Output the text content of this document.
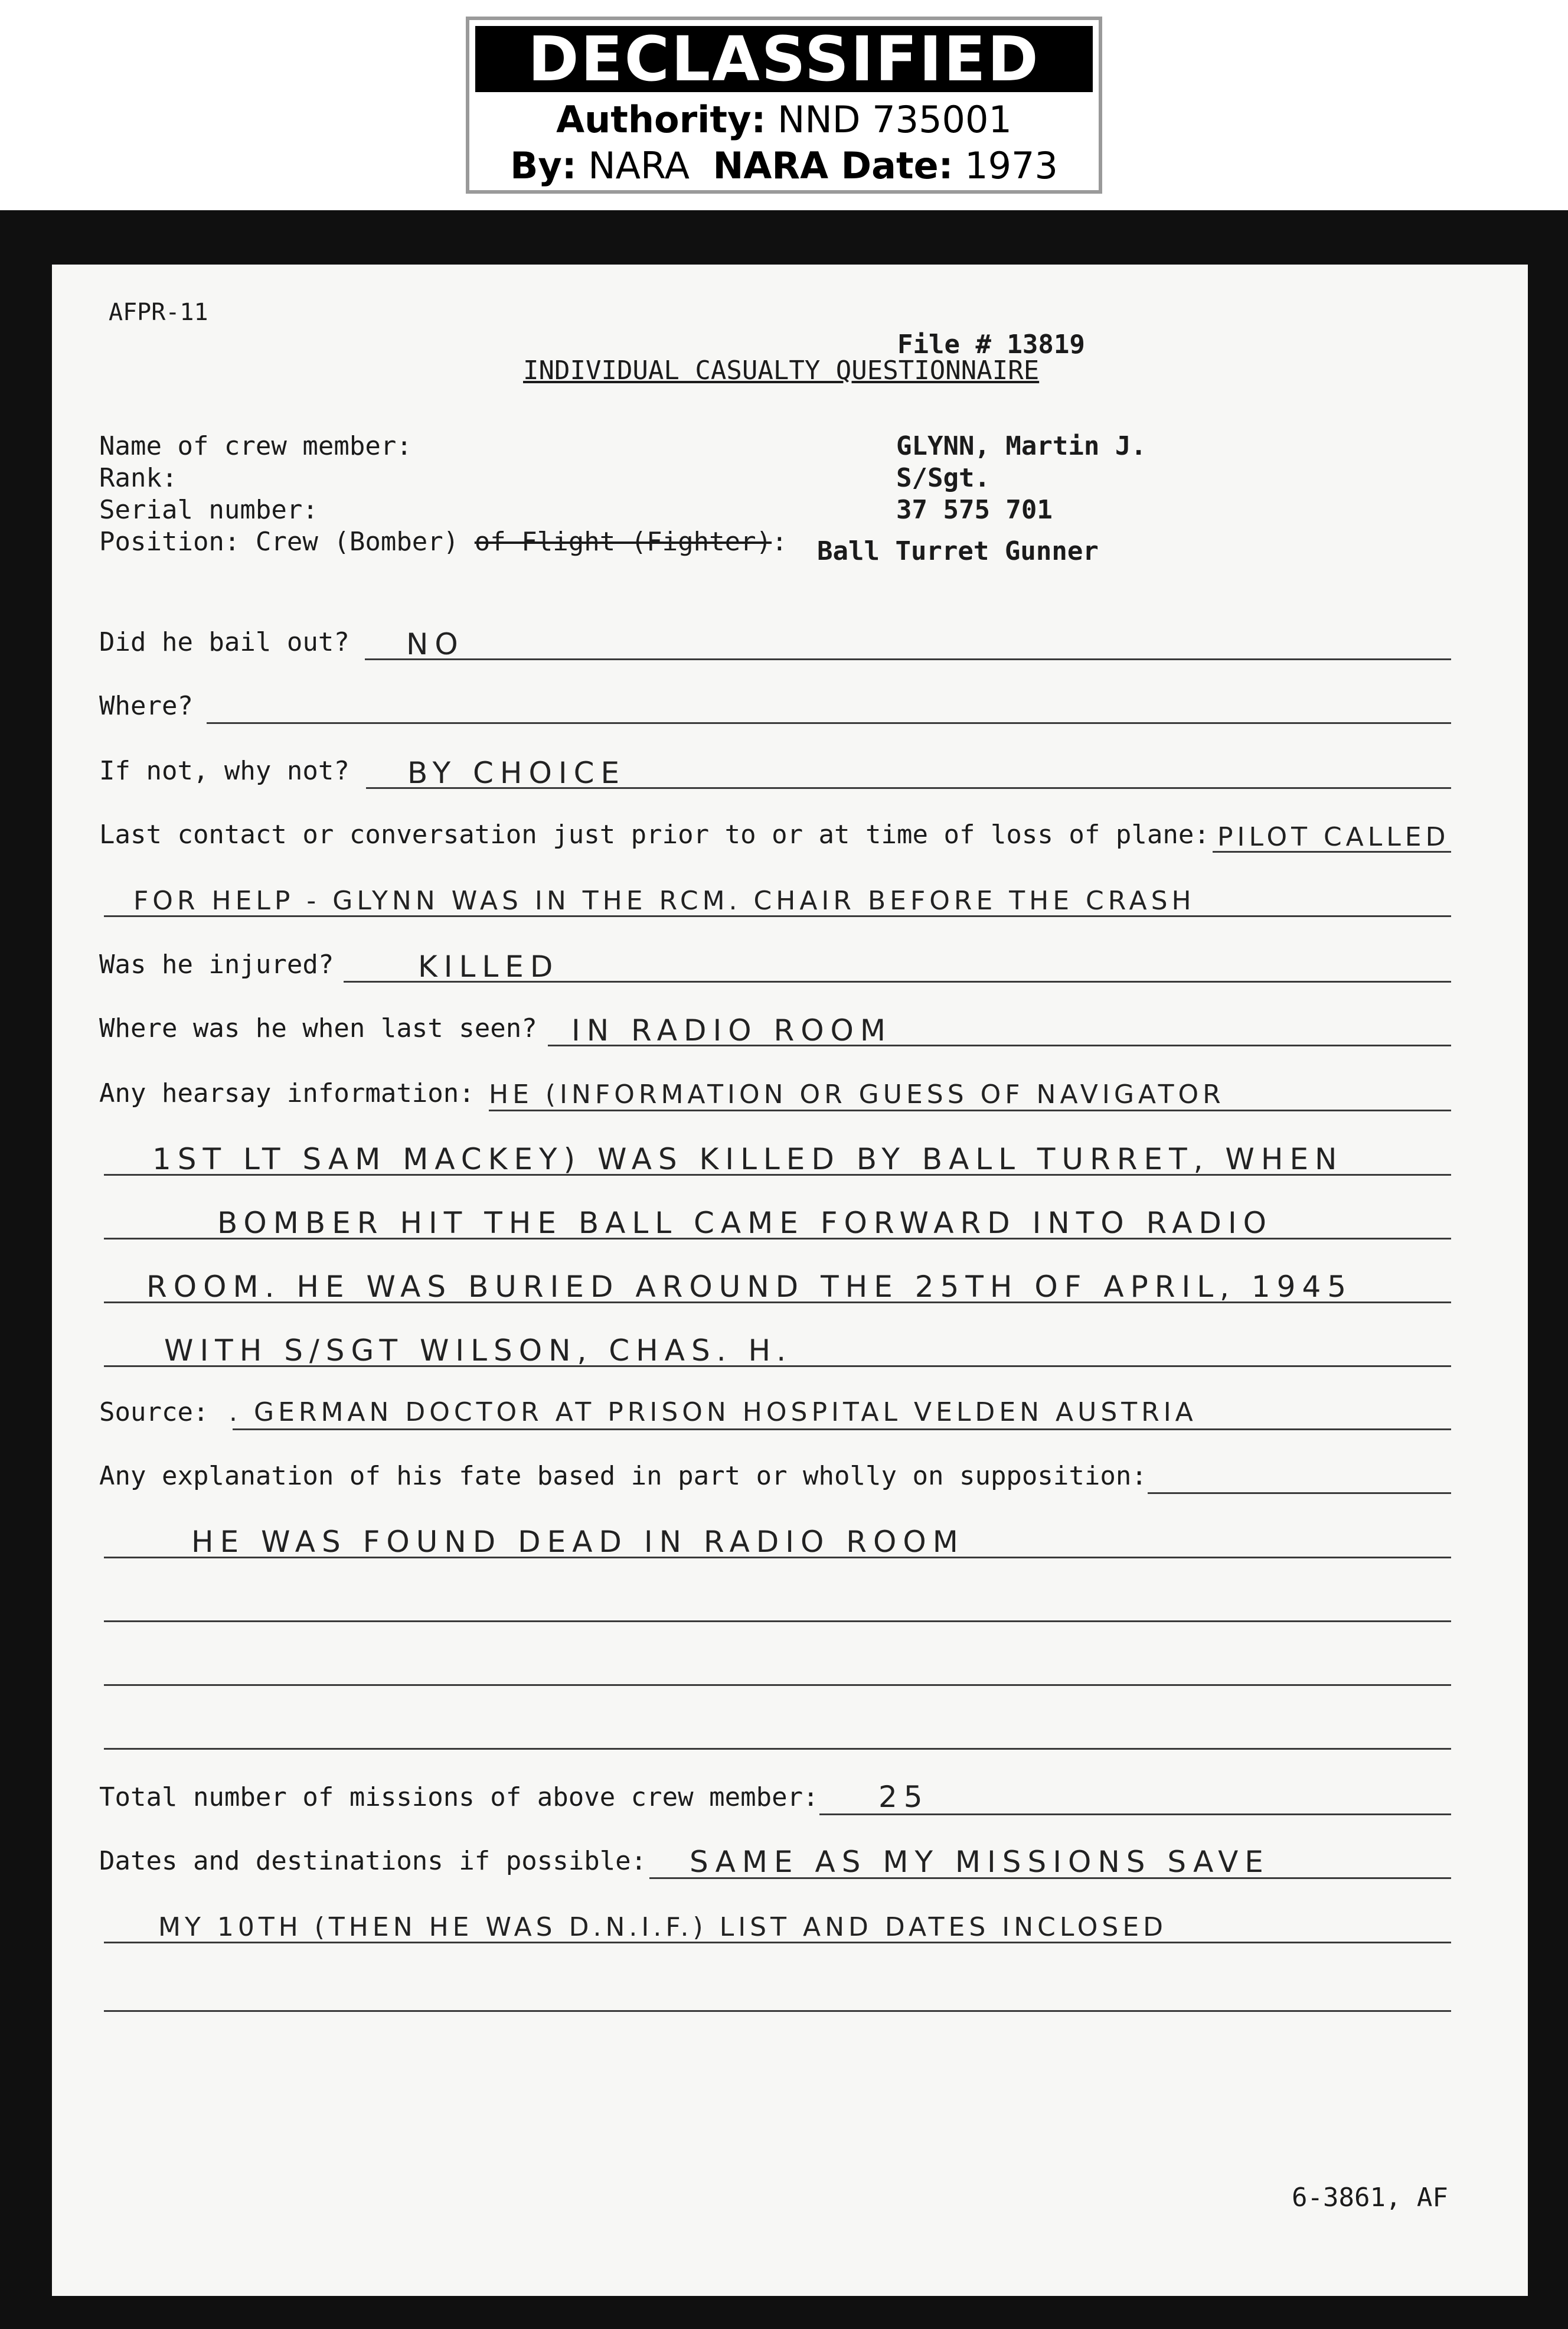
DECLASSIFIED
Authority: NND 735001
By: NARA NARA Date: 1973
AFPR-11
File # 13819
INDIVIDUAL CASUALTY QUESTIONNAIRE
Name of crew member:
Rank:
Serial number:
Position: Crew (Bomber) of Flight (Fighter):
GLYNN, Martin J.
S/Sgt.
37 575 701
Ball Turret Gunner
Did he bail out? NO
Where?
If not, why not? BY CHOICE
Last contact or conversation just prior to or at time of loss of plane: PILOT CALLED
FOR HELP - GLYNN WAS IN THE RCM. CHAIR BEFORE THE CRASH
Was he injured?	KILLED
Where was he when last seen? IN RADIO ROOM
Any hearsay information: HE (INFORMATION OR GUESS OF NAVIGATOR
1ST LT SAM MACKEY) WAS KILLED BY BALL TURRET, WHEN
BOMBER HIT THE BALL CAME FORWARD INTO RADIO
ROOM. HE WAS BURIED AROUND THE 25TH OF APRIL, 1945
WITH S/SGT WILSON, CHAS. H.
Source: . GERMAN DOCTOR AT PRISON HOSPITAL VELDEN AUSTRIA
Any explanation of his fate based in part or wholly on supposition:
HE WAS FOUND DEAD IN RADIO ROOM
Total number of missions of above crew member: 25
Dates and destinations if possible: SAME AS MY MISSIONS SAVE
MY 10TH (THEN HE WAS D.N.I.F.) LIST AND DATES INCLOSED
6-3861, AF
